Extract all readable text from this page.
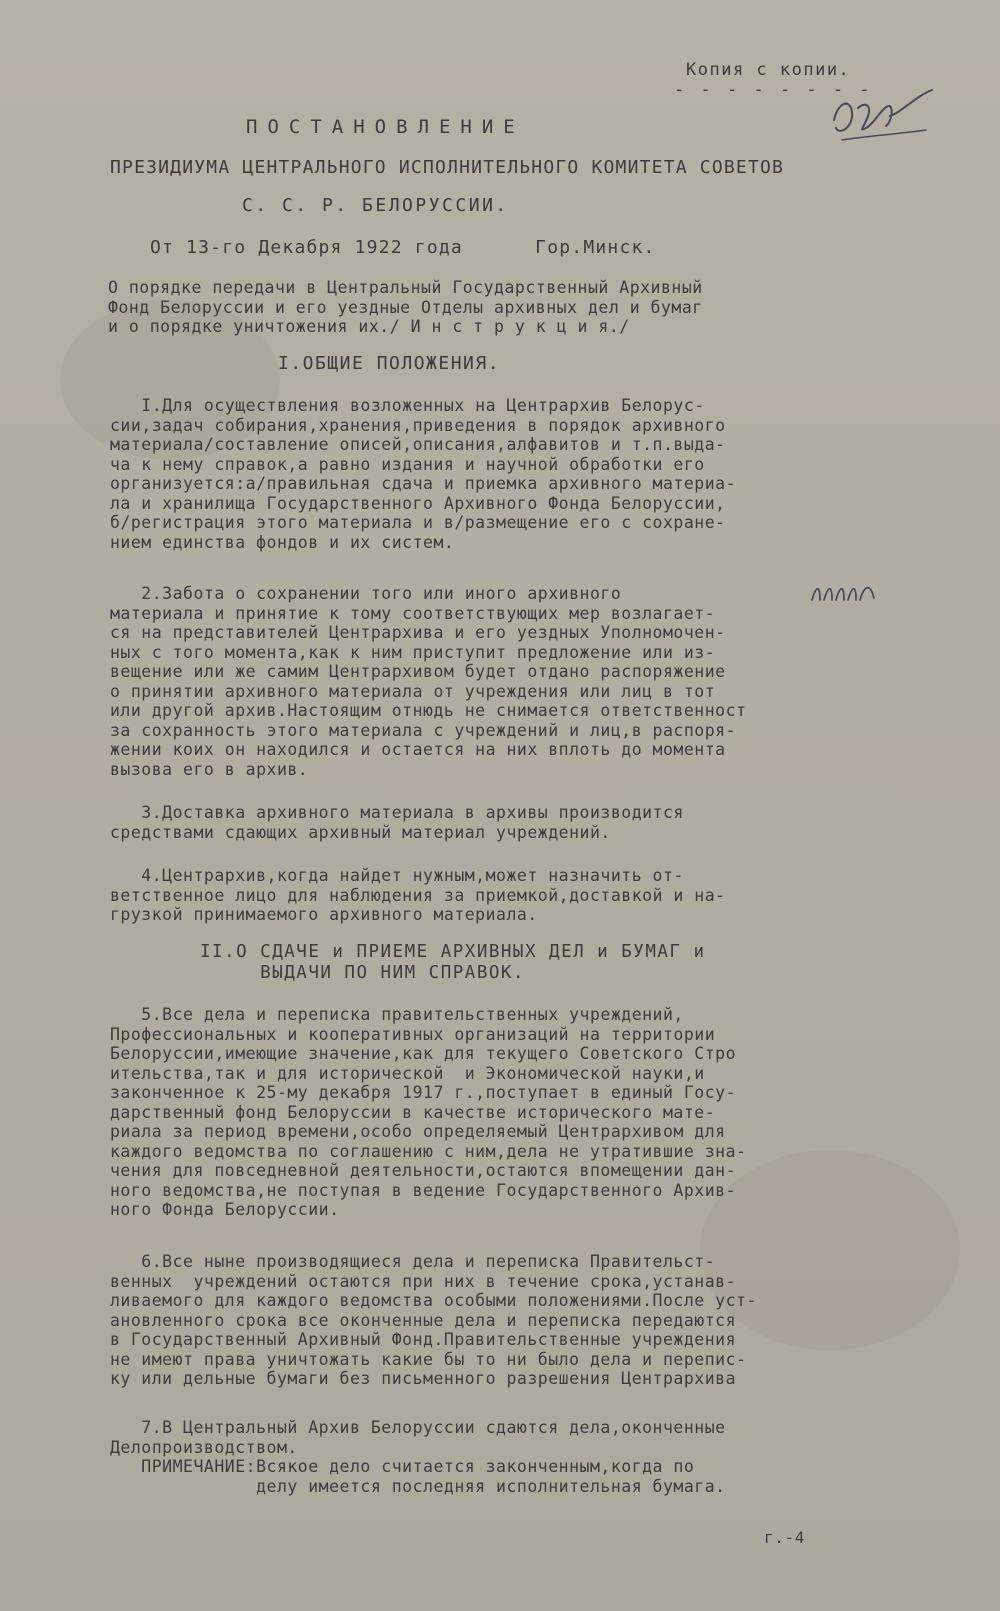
Копия с копии.
- - - - - - - -
ПОСТАНОВЛЕНИЕ
ПРЕЗИДИУМА ЦЕНТРАЛЬНОГО ИСПОЛНИТЕЛЬНОГО КОМИТЕТА СОВЕТОВ
С. С. Р. БЕЛОРУССИИ.
От 13-го Декабря 1922 года      Гор.Минск.
О порядке передачи в Центральный Государственный Архивный
Фонд Белоруссии и его уездные Отделы архивных дел и бумаг
и о порядке уничтожения их./ И н с т р у к ц и я./
I.ОБЩИЕ ПОЛОЖЕНИЯ.
I.Для осуществления возложенных на Центрархив Белорус-
сии,задач собирания,хранения,приведения в порядок архивного
материала/составление описей,описания,алфавитов и т.п.выда-
ча к нему справок,а равно издания и научной обработки его
организуется:а/правильная сдача и приемка архивного материа-
ла и хранилища Государственного Архивного Фонда Белоруссии,
б/регистрация этого материала и в/размещение его с сохране-
нием единства фондов и их систем.
2.Забота о сохранении того или иного архивного
материала и принятие к тому соответствующих мер возлагает-
ся на представителей Центрархива и его уездных Уполномочен-
ных с того момента,как к ним приступит предложение или из-
вещение или же самим Центрархивом будет отдано распоряжение
о принятии архивного материала от учреждения или лиц в тот
или другой архив.Настоящим отнюдь не снимается ответственност
за сохранность этого материала с учреждений и лиц,в распоря-
жении коих он находился и остается на них вплоть до момента
вызова его в архив.
3.Доставка архивного материала в архивы производится
средствами сдающих архивный материал учреждений.
4.Центрархив,когда найдет нужным,может назначить от-
ветственное лицо для наблюдения за приемкой,доставкой и на-
грузкой принимаемого архивного материала.
II.О СДАЧЕ и ПРИЕМЕ АРХИВНЫХ ДЕЛ и БУМАГ и
ВЫДАЧИ ПО НИМ СПРАВОК.
5.Все дела и переписка правительственных учреждений,
Профессиональных и кооперативных организаций на территории
Белоруссии,имеющие значение,как для текущего Советского Стро
ительства,так и для исторической  и Экономической науки,и
законченное к 25-му декабря 1917 г.,поступает в единый Госу-
дарственный фонд Белоруссии в качестве исторического мате-
риала за период времени,особо определяемый Центрархивом для
каждого ведомства по соглашению с ним,дела не утратившие зна-
чения для повседневной деятельности,остаются впомещении дан-
ного ведомства,не поступая в ведение Государственного Архив-
ного Фонда Белоруссии.
6.Все ныне производящиеся дела и переписка Правительст-
венных  учреждений остаются при них в течение срока,устанав-
ливаемого для каждого ведомства особыми положениями.После уст-
ановленного срока все оконченные дела и переписка передаются
в Государственный Архивный Фонд.Правительственные учреждения
не имеют права уничтожать какие бы то ни было дела и перепис-
ку или дельные бумаги без письменного разрешения Центрархива
7.В Центральный Архив Белоруссии сдаются дела,оконченные
Делопроизводством.
ПРИМЕЧАНИЕ:Всякое дело считается законченным,когда по
делу имеется последняя исполнительная бумага.
г.-4
